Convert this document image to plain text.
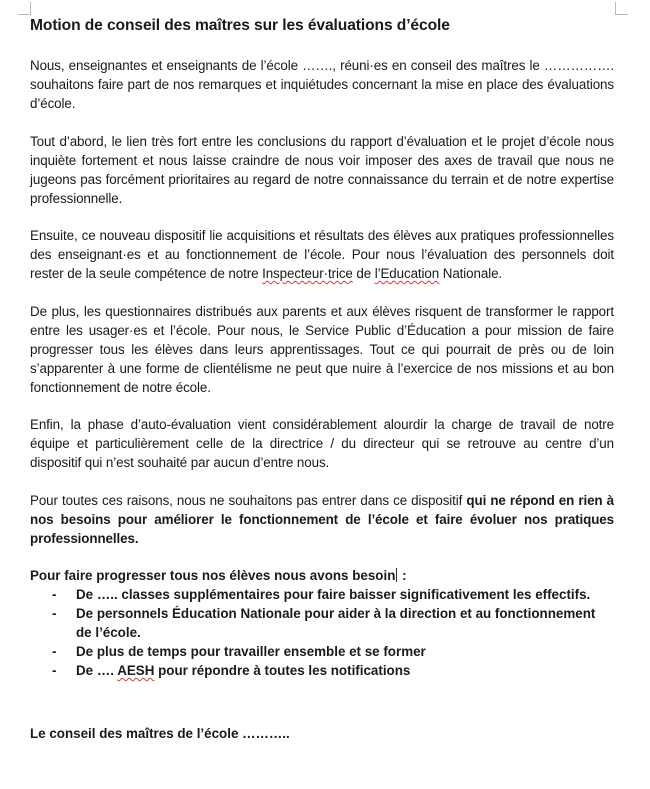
Motion de conseil des maîtres sur les évaluations d’école

Nous, enseignantes et enseignants de l’école ……., réuni·es en conseil des maîtres le ……………. souhaitons faire part de nos remarques et inquiétudes concernant la mise en place des évaluations d’école.

Tout d’abord, le lien très fort entre les conclusions du rapport d’évaluation et le projet d’école nous inquiète fortement et nous laisse craindre de nous voir imposer des axes de travail que nous ne jugeons pas forcément prioritaires au regard de notre connaissance du terrain et de notre expertise professionnelle.

Ensuite, ce nouveau dispositif lie acquisitions et résultats des élèves aux pratiques professionnelles des enseignant·es et au fonctionnement de l’école. Pour nous l’évaluation des personnels doit rester de la seule compétence de notre Inspecteur·trice de l’Education Nationale.

De plus, les questionnaires distribués aux parents et aux élèves risquent de transformer le rapport entre les usager·es et l’école. Pour nous, le Service Public d’Éducation a pour mission de faire progresser tous les élèves dans leurs apprentissages. Tout ce qui pourrait de près ou de loin s’apparenter à une forme de clientélisme ne peut que nuire à l’exercice de nos missions et au bon fonctionnement de notre école.

Enfin, la phase d’auto-évaluation vient considérablement alourdir la charge de travail de notre équipe et particulièrement celle de la directrice / du directeur qui se retrouve au centre d’un dispositif qui n’est souhaité par aucun d’entre nous.

Pour toutes ces raisons, nous ne souhaitons pas entrer dans ce dispositif qui ne répond en rien à nos besoins pour améliorer le fonctionnement de l’école et faire évoluer nos pratiques professionnelles.

Pour faire progresser tous nos élèves nous avons besoin :

- De ….. classes supplémentaires pour faire baisser significativement les effectifs.
- De personnels Éducation Nationale pour aider à la direction et au fonctionnement de l’école.
- De plus de temps pour travailler ensemble et se former
- De …. AESH pour répondre à toutes les notifications

Le conseil des maîtres de l’école ………..
